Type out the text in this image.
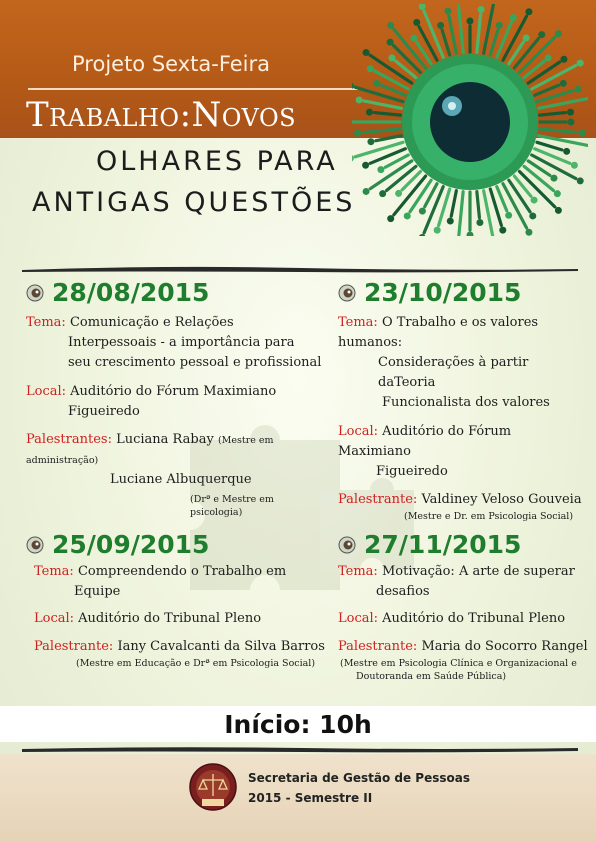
Projeto Sexta-Feira
Trabalho:Novos
OLHARES PARA
ANTIGAS QUESTÕES
28/08/2015
Tema: Comunicação e Relações
Interpessoais - a importância para
seu crescimento pessoal e profissional
Local: Auditório do Fórum Maximiano
Figueiredo
Palestrantes: Luciana Rabay (Mestre em administração)
Luciane Albuquerque
(Drª e Mestre em psicologia)
23/10/2015
Tema: O Trabalho e os valores humanos:
Considerações à partir daTeoria
Funcionalista dos valores
Local: Auditório do Fórum Maximiano
Figueiredo
Palestrante: Valdiney Veloso Gouveia
(Mestre e Dr. em Psicologia Social)
25/09/2015
Tema: Compreendendo o Trabalho em
Equipe
Local: Auditório do Tribunal Pleno
Palestrante: Iany Cavalcanti da Silva Barros
(Mestre em Educação e Drª em Psicologia Social)
27/11/2015
Tema: Motivação: A arte de superar
desafios
Local: Auditório do Tribunal Pleno
Palestrante: Maria do Socorro Rangel
(Mestre em Psicologia Clínica e Organizacional e
Doutoranda em Saúde Pública)
Início: 10h
Secretaria de Gestão de Pessoas
2015 - Semestre II
